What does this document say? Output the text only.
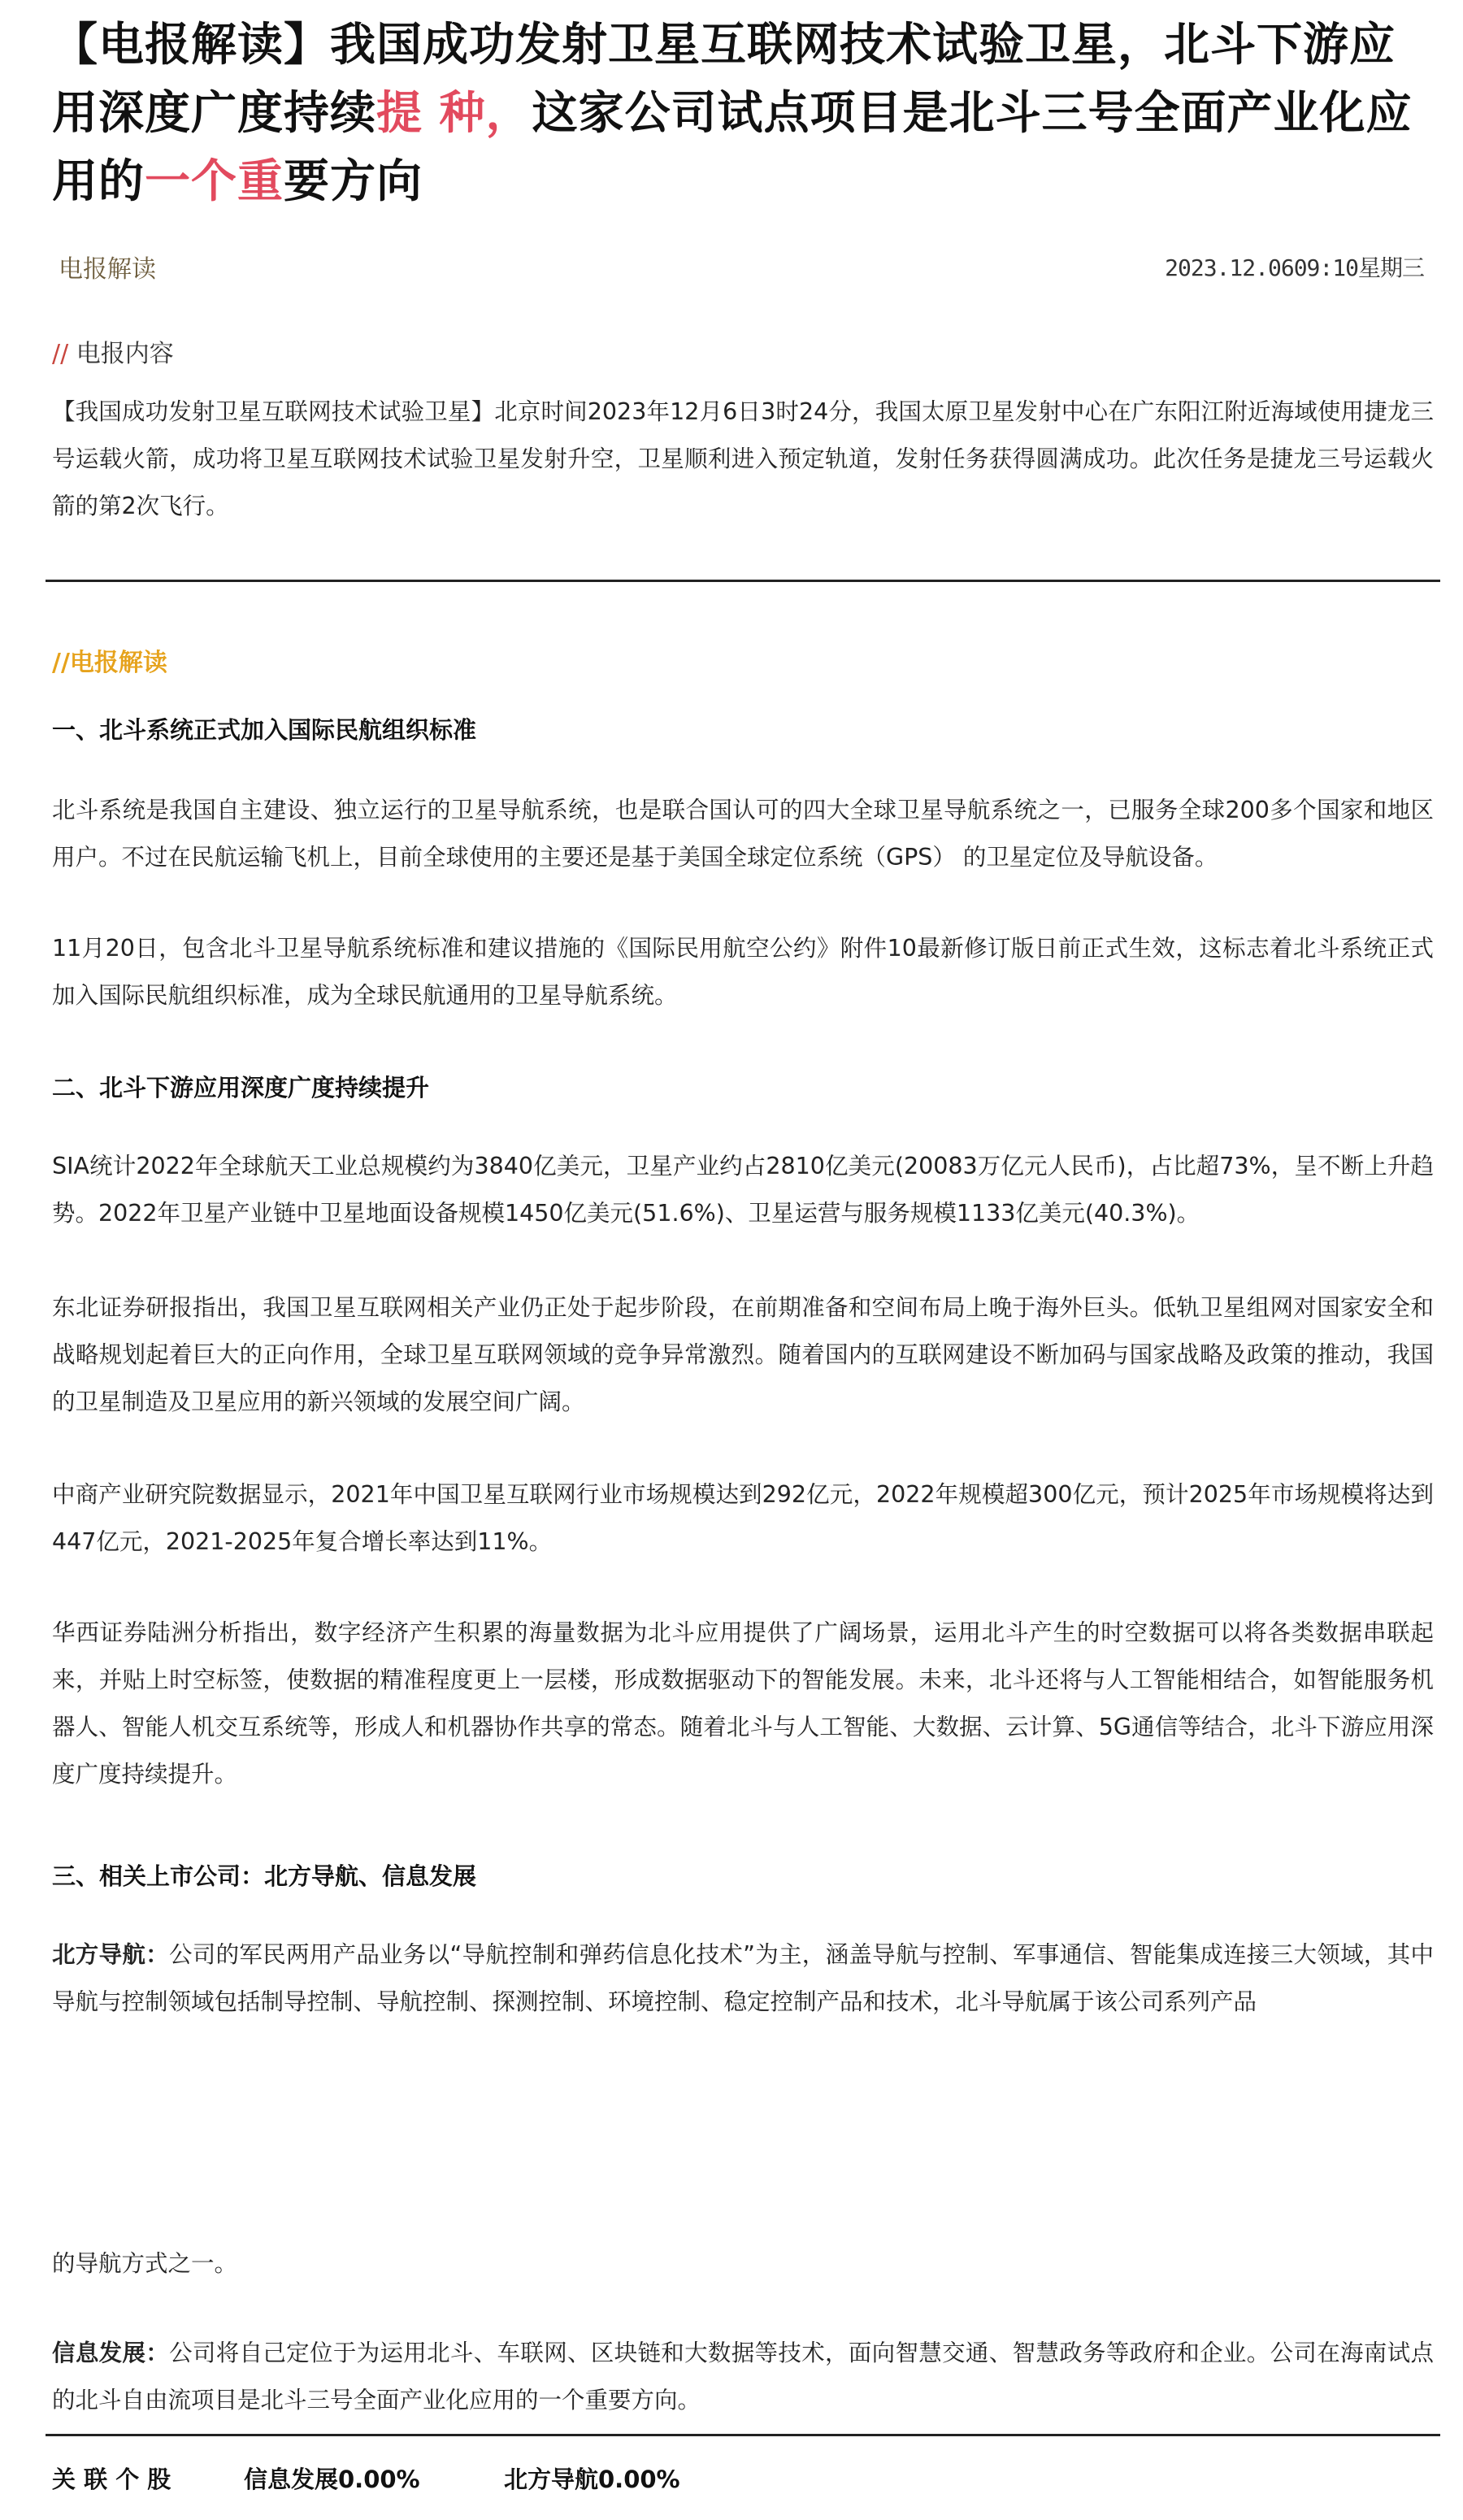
【电报解读】我国成功发射卫星互联网技术试验卫星，北斗下游应用深度广度持续提 种，这家公司试点项目是北斗三号全面产业化应用的一个重要方向
电报解读	2023.12.0609:10星期三
// 电报内容
【我国成功发射卫星互联网技术试验卫星】北京时间2023年12月6日3时24分，我国太原卫星发射中心在广东阳江附近海域使用捷龙三号运载火箭，成功将卫星互联网技术试验卫星发射升空，卫星顺利进入预定轨道，发射任务获得圆满成功。此次任务是捷龙三号运载火箭的第2次飞行。
//电报解读
一、北斗系统正式加入国际民航组织标准
北斗系统是我国自主建设、独立运行的卫星导航系统，也是联合国认可的四大全球卫星导航系统之一，已服务全球200多个国家和地区用户。不过在民航运输飞机上，目前全球使用的主要还是基于美国全球定位系统（GPS） 的卫星定位及导航设备。
11月20日，包含北斗卫星导航系统标准和建议措施的《国际民用航空公约》附件10最新修订版日前正式生效，这标志着北斗系统正式加入国际民航组织标准，成为全球民航通用的卫星导航系统。
二、北斗下游应用深度广度持续提升
SIA统计2022年全球航天工业总规模约为3840亿美元，卫星产业约占2810亿美元(20083万亿元人民币)，占比超73%，呈不断上升趋势。2022年卫星产业链中卫星地面设备规模1450亿美元(51.6%)、卫星运营与服务规模1133亿美元(40.3%)。
东北证券研报指出，我国卫星互联网相关产业仍正处于起步阶段，在前期准备和空间布局上晚于海外巨头。低轨卫星组网对国家安全和战略规划起着巨大的正向作用，全球卫星互联网领域的竞争异常激烈。随着国内的互联网建设不断加码与国家战略及政策的推动，我国的卫星制造及卫星应用的新兴领域的发展空间广阔。
中商产业研究院数据显示，2021年中国卫星互联网行业市场规模达到292亿元，2022年规模超300亿元，预计2025年市场规模将达到447亿元，2021-2025年复合增长率达到11%。
华西证券陆洲分析指出，数字经济产生积累的海量数据为北斗应用提供了广阔场景，运用北斗产生的时空数据可以将各类数据串联起来，并贴上时空标签，使数据的精准程度更上一层楼，形成数据驱动下的智能发展。未来，北斗还将与人工智能相结合，如智能服务机器人、智能人机交互系统等，形成人和机器协作共享的常态。随着北斗与人工智能、大数据、云计算、5G通信等结合，北斗下游应用深度广度持续提升。
三、相关上市公司：北方导航、信息发展
北方导航：公司的军民两用产品业务以“导航控制和弹药信息化技术”为主，涵盖导航与控制、军事通信、智能集成连接三大领域，其中导航与控制领域包括制导控制、导航控制、探测控制、环境控制、稳定控制产品和技术，北斗导航属于该公司系列产品
的导航方式之一。
信息发展：公司将自己定位于为运用北斗、车联网、区块链和大数据等技术，面向智慧交通、智慧政务等政府和企业。公司在海南试点的北斗自由流项目是北斗三号全面产业化应用的一个重要方向。
关 联 个 股	信息发展0.00%	北方导航0.00%
